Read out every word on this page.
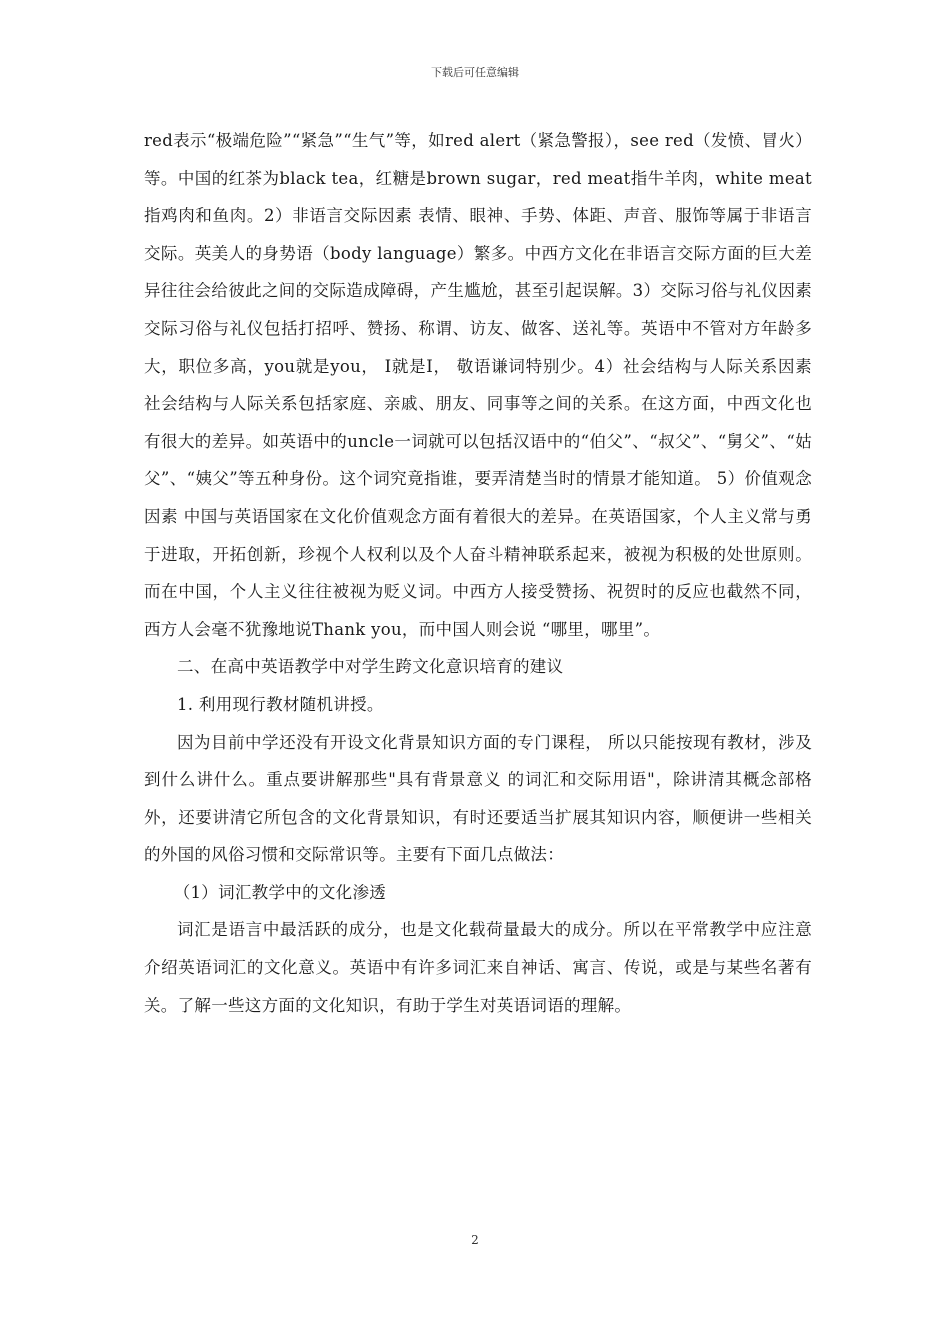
下载后可任意编辑

red表示“极端危险”“紧急”“生气”等，如red alert（紧急警报），see red（发愤、冒火）等。中国的红茶为black tea，红糖是brown sugar，red meat指牛羊肉，white meat指鸡肉和鱼肉。2）非语言交际因素 表情、眼神、手势、体距、声音、服饰等属于非语言交际。英美人的身势语（body language）繁多。中西方文化在非语言交际方面的巨大差异往往会给彼此之间的交际造成障碍，产生尴尬，甚至引起误解。3）交际习俗与礼仪因素 交际习俗与礼仪包括打招呼、赞扬、称谓、访友、做客、送礼等。英语中不管对方年龄多大，职位多高，you就是you， I就是I， 敬语谦词特别少。4）社会结构与人际关系因素 社会结构与人际关系包括家庭、亲戚、朋友、同事等之间的关系。在这方面，中西文化也有很大的差异。如英语中的uncle一词就可以包括汉语中的“伯父”、“叔父”、“舅父”、“姑父”、“姨父”等五种身份。这个词究竟指谁，要弄清楚当时的情景才能知道。 5）价值观念因素 中国与英语国家在文化价值观念方面有着很大的差异。在英语国家，个人主义常与勇于进取，开拓创新，珍视个人权利以及个人奋斗精神联系起来，被视为积极的处世原则。而在中国，个人主义往往被视为贬义词。中西方人接受赞扬、祝贺时的反应也截然不同，西方人会毫不犹豫地说Thank you，而中国人则会说 “哪里，哪里”。

二、在高中英语教学中对学生跨文化意识培育的建议

1. 利用现行教材随机讲授。

因为目前中学还没有开设文化背景知识方面的专门课程， 所以只能按现有教材，涉及到什么讲什么。重点要讲解那些"具有背景意义 的词汇和交际用语"，除讲清其概念部格外，还要讲清它所包含的文化背景知识，有时还要适当扩展其知识内容，顺便讲一些相关的外国的风俗习惯和交际常识等。主要有下面几点做法：

（1）词汇教学中的文化渗透

词汇是语言中最活跃的成分，也是文化载荷量最大的成分。所以在平常教学中应注意介绍英语词汇的文化意义。英语中有许多词汇来自神话、寓言、传说，或是与某些名著有关。了解一些这方面的文化知识，有助于学生对英语词语的理解。

2
